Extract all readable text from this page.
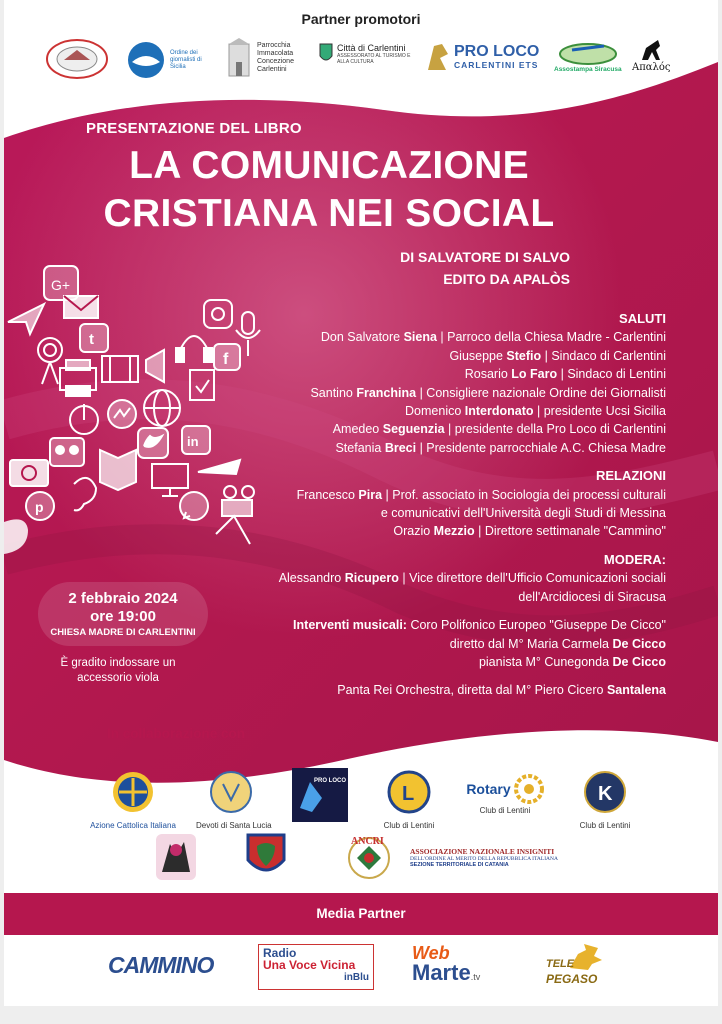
Partner promotori
Ordine dei giornalisti di Sicilia
Parrocchia Immacolata Concezione Carlentini
Città di Carlentini
ASSESSORATO AL TURISMO E ALLA CULTURA
PRO LOCO
CARLENTINI ETS Assostampa Siracusa Απαλός
G+
t
f
in
p
PRESENTAZIONE DEL LIBRO
LA COMUNICAZIONE
CRISTIANA NEI SOCIAL
DI SALVATORE DI SALVO
EDITO DA APALÒS
SALUTI
Don Salvatore Siena | Parroco della Chiesa Madre - Carlentini
Giuseppe Stefio | Sindaco di Carlentini
Rosario Lo Faro | Sindaco di Lentini
Santino Franchina | Consigliere nazionale Ordine dei Giornalisti
Domenico Interdonato | presidente Ucsi Sicilia
Amedeo Seguenzia | presidente della Pro Loco di Carlentini
Stefania Breci | Presidente parrocchiale A.C. Chiesa Madre
RELAZIONI
Francesco Pira | Prof. associato in Sociologia dei processi culturali
e comunicativi dell'Università degli Studi di Messina
Orazio Mezzio | Direttore settimanale "Cammino"
MODERA:
Alessandro Ricupero | Vice direttore dell'Ufficio Comunicazioni sociali
dell'Arcidiocesi di Siracusa
Interventi musicali: Coro Polifonico Europeo "Giuseppe De Cicco"
diretto dal M° Maria Carmela De Cicco
pianista M° Cunegonda De Cicco
Panta Rei Orchestra, diretta dal M° Piero Cicero Santalena
2 febbraio 2024
ore 19:00
CHIESA MADRE DI CARLENTINI
È gradito indossare un accessorio viola
In collaborazione con
Azione Cattolica Italiana	Devoti di Santa Lucia
PRO LOCO
L
Club di Lentini
Rotary
Club di Lentini
K
Club di Lentini
ANCRI
ASSOCIAZIONE NAZIONALE INSIGNITI
DELL'ORDINE AL MERITO DELLA REPUBBLICA ITALIANA
SEZIONE TERRITORIALE DI CATANIA
Media Partner
CAMMINO	Radio
Una Voce Vicina
inBlu
Web
Marte .tv
TELE
PEGASO
